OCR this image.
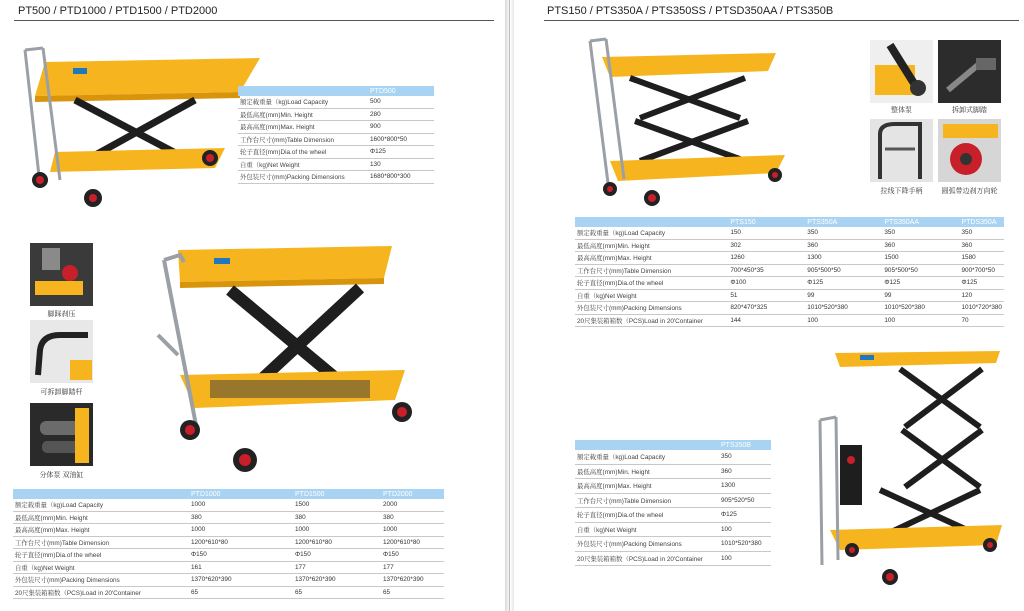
PT500 / PTD1000 / PTD1500 / PTD2000
	PTD500
額定載重量（kg)Load Capacity	500
最低高度(mm)Min. Height	280
最高高度(mm)Max. Height	900
工作台尺寸(mm)Table Dimension	1600*800*50
轮子直径(mm)Dia.of the wheel	Φ125
自重（kg)Net Weight	130
外包装尺寸(mm)Packing Dimensions	1680*800*300
脚踩刹压
可拆卸脚踏杆
分体泵 双油缸
	PTD1000	PTD1500	PTD2000
额定载重量（kg)Load Capacity	1000	1500	2000
最低高度(mm)Min. Height	380	380	380
最高高度(mm)Max. Height	1000	1000	1000
工作台尺寸(mm)Table Dimension	1200*610*80	1200*610*80	1200*610*80
轮子直径(mm)Dia.of the wheel	Φ150	Φ150	Φ150
自重（kg)Net Weight	161	177	177
外包装尺寸(mm)Packing Dimensions	1370*620*390	1370*620*390	1370*620*390
20尺集装箱箱数（PCS)Load in 20'Container	65	65	65
PTS150 / PTS350A / PTS350SS / PTSD350AA / PTS350B
整体泵	拆卸式脚踏
拉线下降手柄	圆弧带边刹万向轮
	PTS150	PTS350A	PTS350AA	PTDS350A
额定载重量（kg)Load Capacity	150	350	350	350
最低高度(mm)Min. Height	302	360	360	360
最高高度(mm)Max. Height	1260	1300	1500	1580
工作台尺寸(mm)Table Dimension	700*450*35	905*500*50	905*500*50	900*700*50
轮子直径(mm)Dia.of the wheel	Φ100	Φ125	Φ125	Φ125
自重（kg)Net Weight	51	99	99	120
外包装尺寸(mm)Packing Dimensions	820*470*325	1010*520*380	1010*520*380	1010*720*380
20尺集装箱箱数（PCS)Load in 20'Container	144	100	100	70
	PTS350B
額定載重量（kg)Load Capacity	350
最低高度(mm)Min. Height	360
最高高度(mm)Max. Height	1300
工作台尺寸(mm)Table Dimension	905*520*50
轮子直径(mm)Dia.of the wheel	Φ125
自重（kg)Net Weight	100
外包装尺寸(mm)Packing Dimensions	1010*520*380
20尺集装箱箱数（PCS)Load in 20'Container	100
